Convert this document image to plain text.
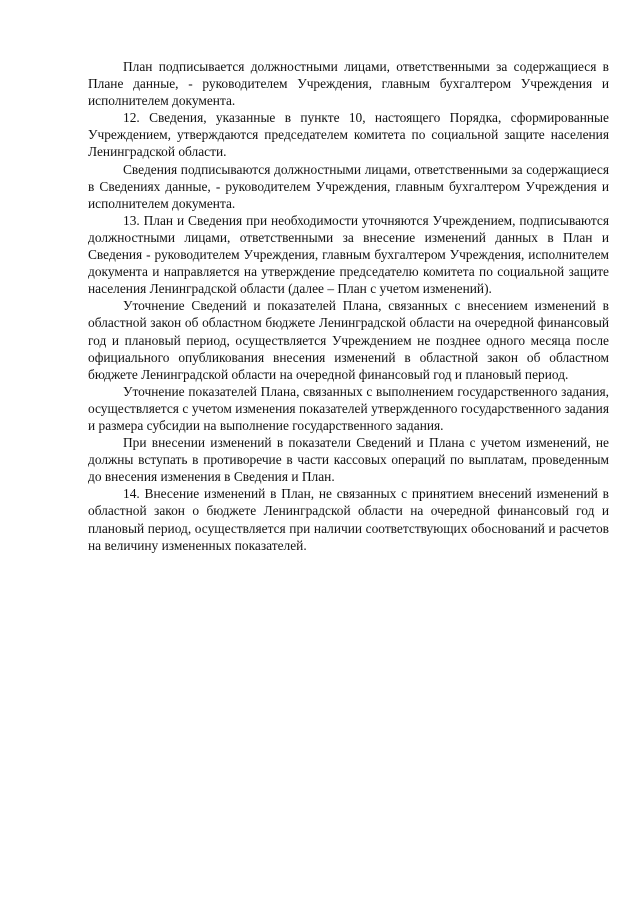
План подписывается должностными лицами, ответственными за содержащиеся в Плане данные, - руководителем Учреждения, главным бухгалтером Учреждения и исполнителем документа.

12. Сведения, указанные в пункте 10, настоящего Порядка, сформированные Учреждением, утверждаются председателем комитета по социальной защите населения Ленинградской области.

Сведения подписываются должностными лицами, ответственными за содержащиеся в Сведениях данные, - руководителем Учреждения, главным бухгалтером Учреждения и исполнителем документа.

13. План и Сведения при необходимости уточняются Учреждением, подписываются должностными лицами, ответственными за внесение изменений данных в План и Сведения - руководителем Учреждения, главным бухгалтером Учреждения, исполнителем документа и направляется на утверждение председателю комитета по социальной защите населения Ленинградской области (далее – План с учетом изменений).

Уточнение Сведений и показателей Плана, связанных с внесением изменений в областной закон об областном бюджете Ленинградской области на очередной финансовый год и плановый период, осуществляется Учреждением не позднее одного месяца после официального опубликования внесения изменений в областной закон об областном бюджете Ленинградской области на очередной финансовый год и плановый период.

Уточнение показателей Плана, связанных с выполнением государственного задания, осуществляется с учетом изменения показателей утвержденного государственного задания и размера субсидии на выполнение государственного задания.

При внесении изменений в показатели Сведений и Плана с учетом изменений, не должны вступать в противоречие в части кассовых операций по выплатам, проведенным до внесения изменения в Сведения и План.

14. Внесение изменений в План, не связанных с принятием внесений изменений в областной закон о бюджете Ленинградской области на очередной финансовый год и плановый период, осуществляется при наличии соответствующих обоснований и расчетов на величину измененных показателей.
